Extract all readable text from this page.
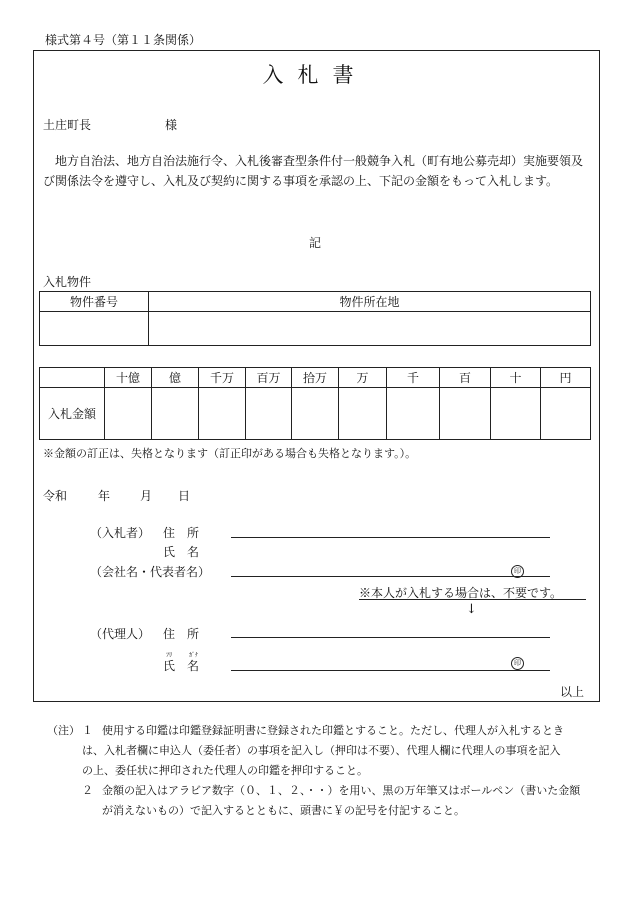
様式第４号（第１１条関係）
入札書
土庄町長	様
地方自治法、地方自治法施行令、入札後審査型条件付一般競争入札（町有地公募売却）実施要領及び関係法令を遵守し、入札及び契約に関する事項を承認の上、下記の金額をもって入札します。
記
入札物件
物件番号	物件所在地

	十億	億	千万	百万	拾万	万	千	百	十	円
入札金額										
※金額の訂正は、失格となります（訂正印がある場合も失格となります。）。
令和	年 月 日
（入札者） 住　所
氏　名
（会社名・代表者名）	印
※本人が入札する場合は、不要です。
↓
（代理人） 住　所
ﾌﾘ	ｶﾞﾅ
氏　名	印
以上
（注） １ 使用する印鑑は印鑑登録証明書に登録された印鑑とすること。ただし、代理人が入札するとき
は、入札者欄に申込人（委任者）の事項を記入し（押印は不要）、代理人欄に代理人の事項を記入
の上、委任状に押印された代理人の印鑑を押印すること。
２ 金額の記入はアラビア数字（０、１、２、・・）を用い、黒の万年筆又はボールペン（書いた金額
が消えないもの）で記入するとともに、頭書に￥の記号を付記すること。
